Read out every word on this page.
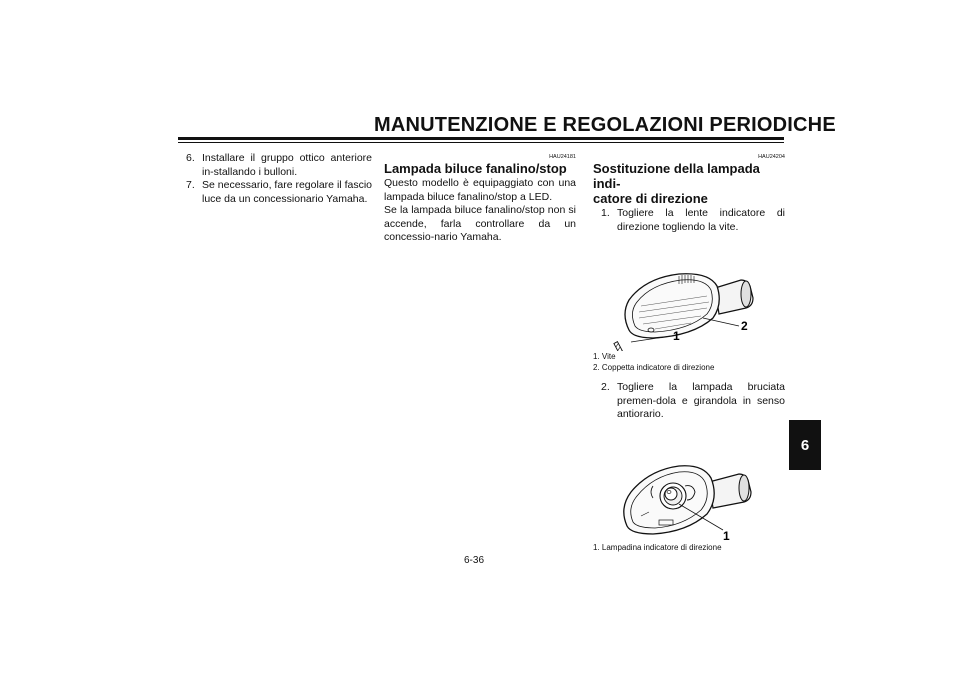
MANUTENZIONE E REGOLAZIONI PERIODICHE
6
6. Installare il gruppo ottico anteriore in-stallando i bulloni.
7. Se necessario, fare regolare il fascio luce da un concessionario Yamaha.
HAU24181
Lampada biluce fanalino/stop
Questo modello è equipaggiato con una lampada biluce fanalino/stop a LED.
Se la lampada biluce fanalino/stop non si accende, farla controllare da un concessio-nario Yamaha.
HAU24204
Sostituzione della lampada indi-
catore di direzione
1. Togliere la lente indicatore di direzione togliendo la vite.
1
2
1. Vite
2. Coppetta indicatore di direzione
2. Togliere la lampada bruciata premen-dola e girandola in senso antiorario.
1
1. Lampadina indicatore di direzione
6-36
